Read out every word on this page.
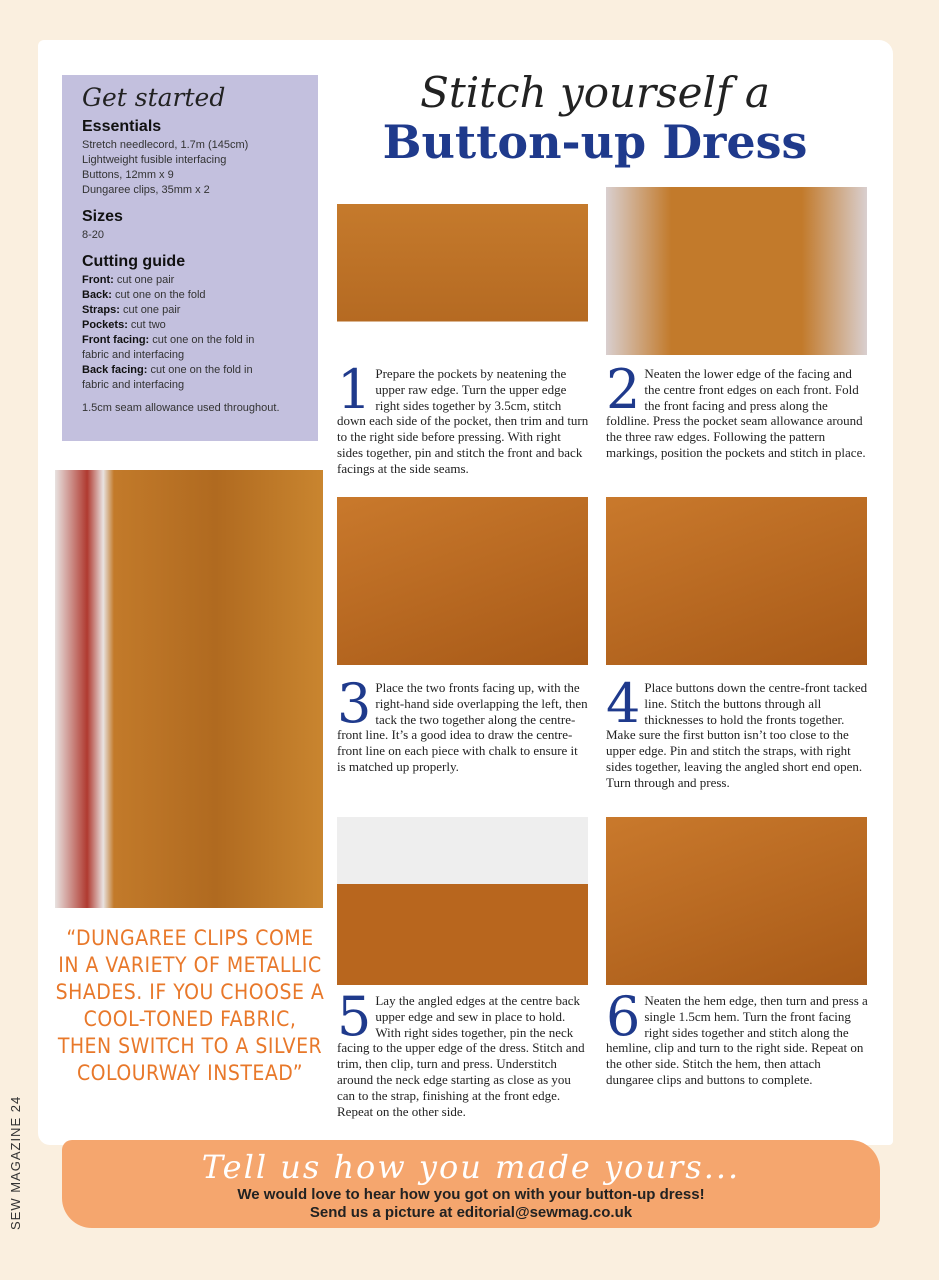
Get started
Essentials

Stretch needlecord, 1.7m (145cm)

Lightweight fusible interfacing

Buttons, 12mm x 9

Dungaree clips, 35mm x 2

Sizes

8-20

Cutting guide

Front: cut one pair

Back: cut one on the fold

Straps: cut one pair

Pockets: cut two

Front facing: cut one on the fold in fabric and interfacing

Back facing: cut one on the fold in fabric and interfacing

1.5cm seam allowance used throughout.

“DUNGAREE CLIPS COME IN A VARIETY OF METALLIC SHADES. IF YOU CHOOSE A COOL-TONED FABRIC, THEN SWITCH TO A SILVER COLOURWAY INSTEAD”
Stitch yourself a
Button-up Dress
1 Prepare the pockets by neatening the upper raw edge. Turn the upper edge right sides together by 3.5cm, stitch down each side of the pocket, then trim and turn to the right side before pressing. With right sides together, pin and stitch the front and back facings at the side seams.
2 Neaten the lower edge of the facing and the centre front edges on each front. Fold the front facing and press along the foldline. Press the pocket seam allowance around the three raw edges. Following the pattern markings, position the pockets and stitch in place.
3 Place the two fronts facing up, with the right-hand side overlapping the left, then tack the two together along the centre-front line. It’s a good idea to draw the centre-front line on each piece with chalk to ensure it is matched up properly.
4 Place buttons down the centre-front tacked line. Stitch the buttons through all thicknesses to hold the fronts together. Make sure the first button isn’t too close to the upper edge. Pin and stitch the straps, with right sides together, leaving the angled short end open. Turn through and press.
5 Lay the angled edges at the centre back upper edge and sew in place to hold. With right sides together, pin the neck facing to the upper edge of the dress. Stitch and trim, then clip, turn and press. Understitch around the neck edge starting as close as you can to the strap, finishing at the front edge. Repeat on the other side.
6 Neaten the hem edge, then turn and press a single 1.5cm hem. Turn the front facing right sides together and stitch along the hemline, clip and turn to the right side. Repeat on the other side. Stitch the hem, then attach dungaree clips and buttons to complete.
Tell us how you made yours...
We would love to hear how you got on with your button-up dress!
Send us a picture at editorial@sewmag.co.uk
SEW MAGAZINE 24
